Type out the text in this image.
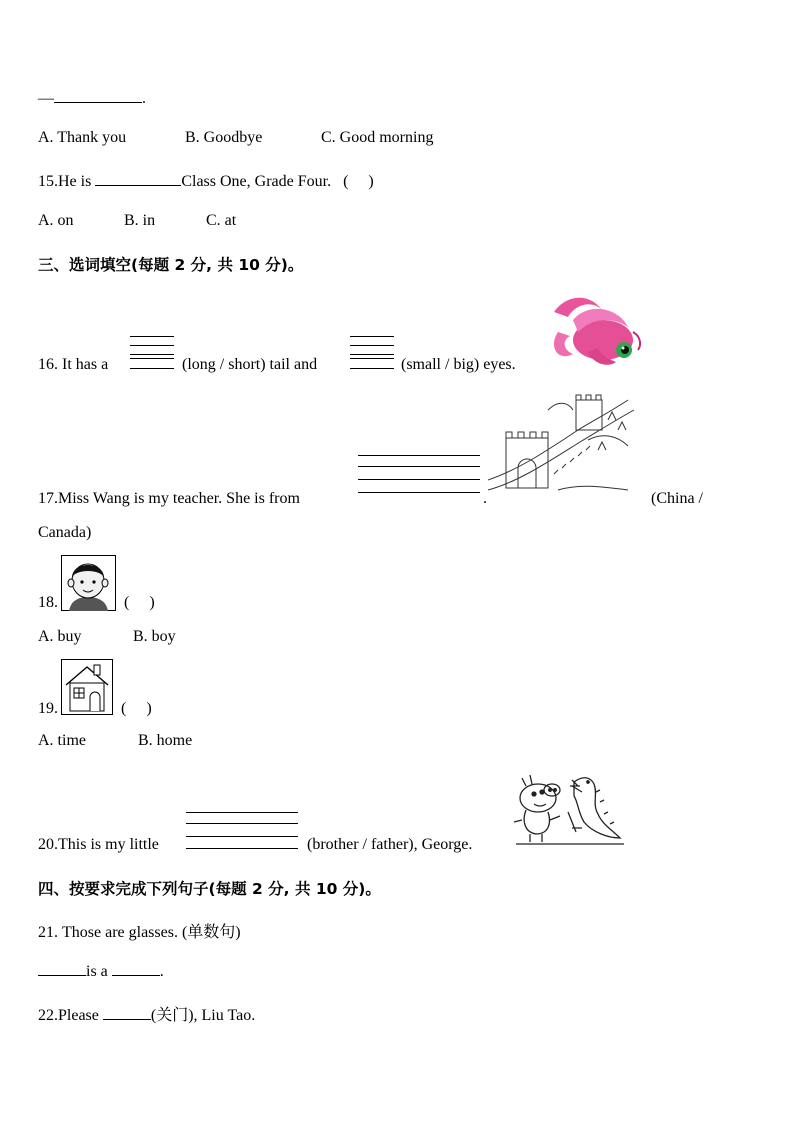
—	.
A. Thank you	B. Goodbye	C. Good morning
15.He is	Class One, Grade Four. (     )
A. on	B. in	C. at
三、选词填空(每题 2 分, 共 10 分)。
16. It has a	(long / short) tail and	(small / big) eyes.
17.Miss Wang is my teacher. She is from	.	(China /
Canada)
18.	(     )
A. buy	B. boy
19.	(     )
A. time	B. home
20.This is my little	(brother / father), George.
四、按要求完成下列句子(每题 2 分, 共 10 分)。
21. Those are glasses. (单数句)
is a	.
22.Please	(关门), Liu Tao.
